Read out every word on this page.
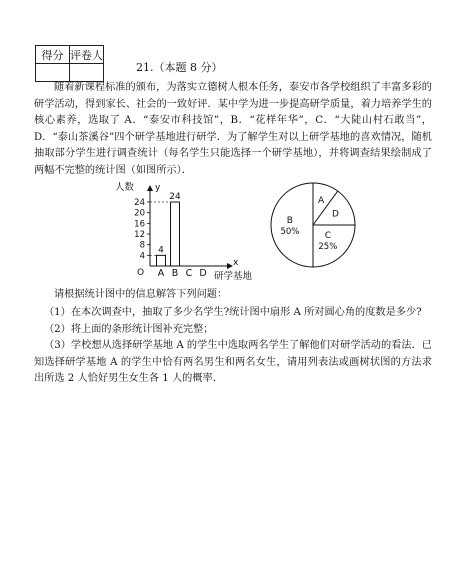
得分	评卷人

21.（本题 8 分）
随着新课程标准的颁布，为落实立德树人根本任务，泰安市各学校组织了丰富多彩的研学活动，得到家长、社会的一致好评．某中学为进一步提高研学质量，着力培养学生的核心素养，选取了 A．“泰安市科技馆”，B．“花样年华”，C．“大陡山村石敢当”，D．“泰山茶溪谷”四个研学基地进行研学．为了解学生对以上研学基地的喜欢情况，随机抽取部分学生进行调查统计（每名学生只能选择一个研学基地），并将调查结果绘制成了两幅不完整的统计图（如图所示）．
人数 y
x
O
4
8
12
16
20
24
4
24
A B C D 研学基地
A
B
50%	C
25%
D
请根据统计图中的信息解答下列问题：
（1）在本次调查中，抽取了多少名学生?统计图中扇形 A 所对圆心角的度数是多少?
（2）将上面的条形统计图补充完整；
（3）学校想从选择研学基地 A 的学生中选取两名学生了解他们对研学活动的看法．已知选择研学基地 A 的学生中恰有两名男生和两名女生，请用列表法或画树状图的方法求出所选 2 人恰好男生女生各 1 人的概率．
